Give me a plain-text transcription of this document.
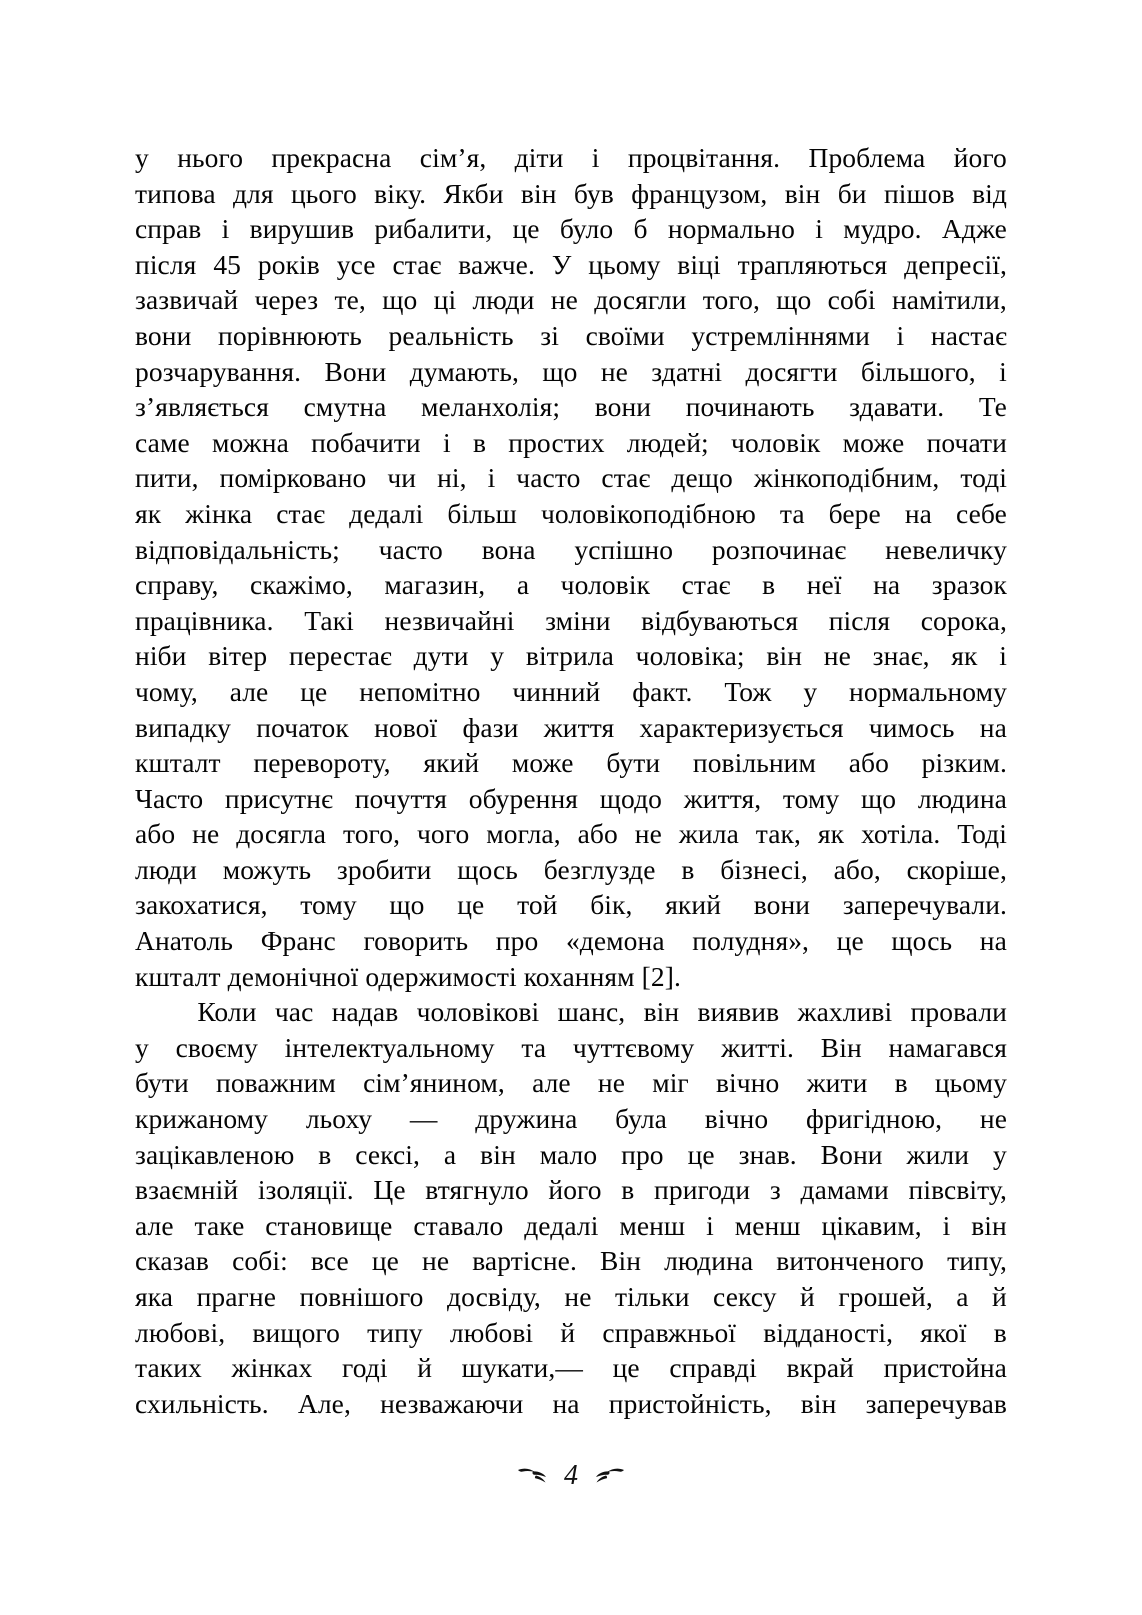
у нього прекрасна сім’я, діти і процвітання. Проблема його
типова для цього віку. Якби він був французом, він би пішов від
справ і вирушив рибалити, це було б нормально і мудро. Адже
після 45 років усе стає важче. У цьому віці трапляються депресії,
зазвичай через те, що ці люди не досягли того, що собі намітили,
вони порівнюють реальність зі своїми устремліннями і настає
розчарування. Вони думають, що не здатні досягти більшого, і
з’являється смутна меланхолія; вони починають здавати. Те
саме можна побачити і в простих людей; чоловік може почати
пити, помірковано чи ні, і часто стає дещо жінкоподібним, тоді
як жінка стає дедалі більш чоловікоподібною та бере на себе
відповідальність; часто вона успішно розпочинає невеличку
справу, скажімо, магазин, а чоловік стає в неї на зразок
працівника. Такі незвичайні зміни відбуваються після сорока,
ніби вітер перестає дути у вітрила чоловіка; він не знає, як і
чому, але це непомітно чинний факт. Тож у нормальному
випадку початок нової фази життя характеризується чимось на
кшталт перевороту, який може бути повільним або різким.
Часто присутнє почуття обурення щодо життя, тому що людина
або не досягла того, чого могла, або не жила так, як хотіла. Тоді
люди можуть зробити щось безглузде в бізнесі, або, скоріше,
закохатися, тому що це той бік, який вони заперечували.
Анатоль Франс говорить про «демона полудня», це щось на
кшталт демонічної одержимості коханням [2].
Коли час надав чоловікові шанс, він виявив жахливі провали
у своєму інтелектуальному та чуттєвому житті. Він намагався
бути поважним сім’янином, але не міг вічно жити в цьому
крижаному льоху — дружина була вічно фригідною, не
зацікавленою в сексі, а він мало про це знав. Вони жили у
взаємній ізоляції. Це втягнуло його в пригоди з дамами півсвіту,
але таке становище ставало дедалі менш і менш цікавим, і він
сказав собі: все це не вартісне. Він людина витонченого типу,
яка прагне повнішого досвіду, не тільки сексу й грошей, а й
любові, вищого типу любові й справжньої відданості, якої в
таких жінках годі й шукати,— це справді вкрай пристойна
схильність. Але, незважаючи на пристойність, він заперечував
4
